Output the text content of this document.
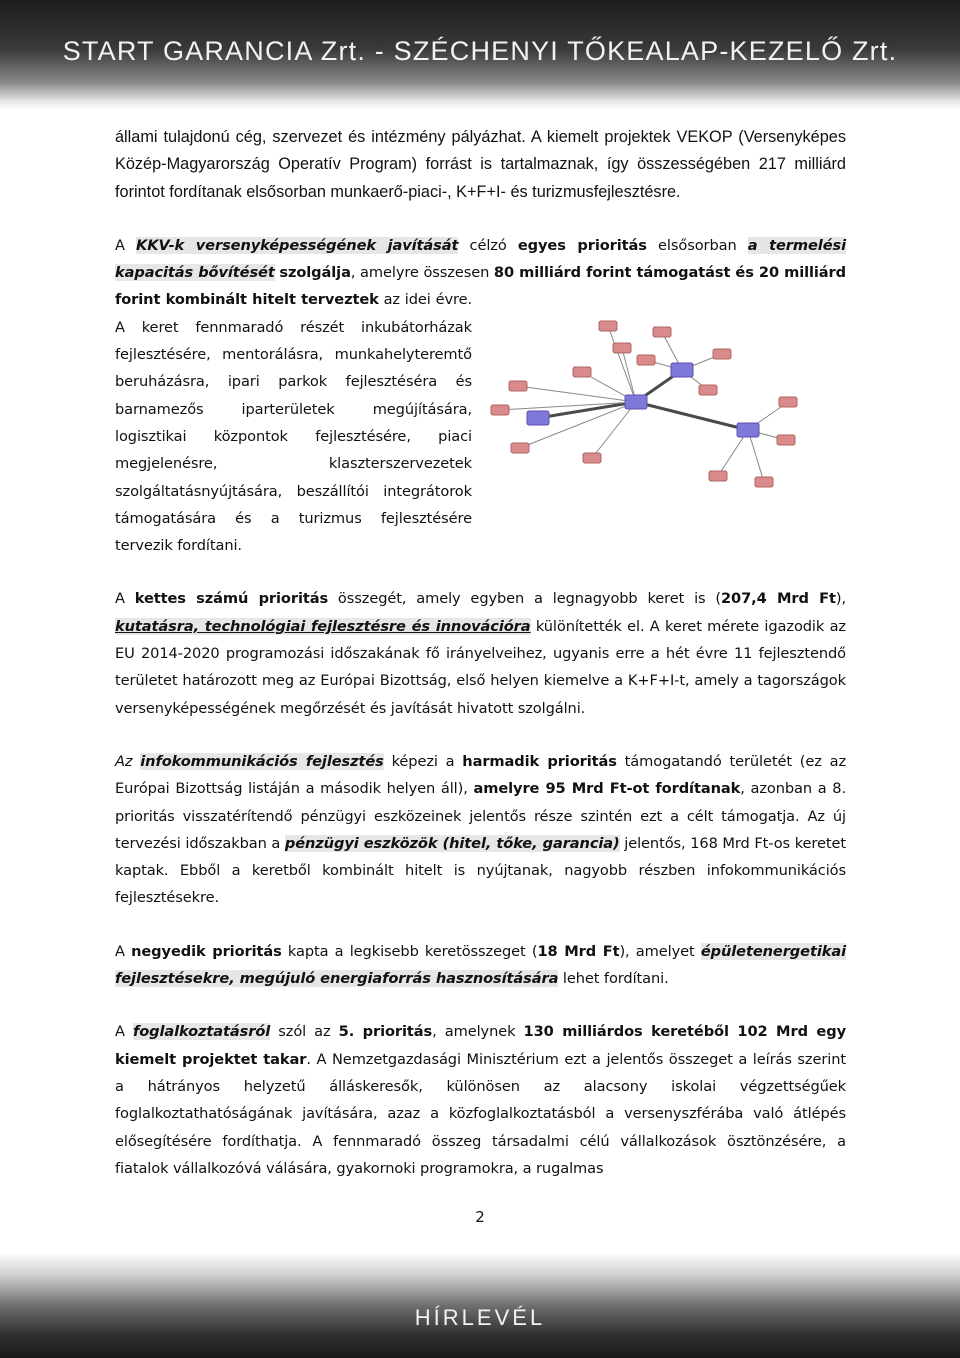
START GARANCIA Zrt. - SZÉCHENYI TŐKEALAP-KEZELŐ Zrt.

állami tulajdonú cég, szervezet és intézmény pályázhat. A kiemelt projektek VEKOP (Versenyképes Közép-Magyarország Operatív Program) forrást is tartalmaznak, így összességében 217 milliárd forintot fordítanak elsősorban munkaerő-piaci-, K+F+I- és turizmusfejlesztésre.

A KKV-k versenyképességének javítását célzó egyes prioritás elsősorban a termelési kapacitás bővítését szolgálja, amelyre összesen
80 milliárd forint támogatást és 20 milliárd forint kombinált hitelt terveztek az idei évre. A keret fennmaradó részét inkubátorházak fejlesztésére, mentorálásra, munkahelyteremtő beruházásra, ipari parkok fejlesztéséra és barnamezős iparterületek megújítására, logisztikai központok fejlesztésére, piaci megjelenésre, klaszterszervezetek szolgáltatásnyújtására, beszállítói integrátorok támogatására és a turizmus fejlesztésére tervezik fordítani.

A kettes számú prioritás összegét, amely egyben a legnagyobb keret is (207,4 Mrd Ft), kutatásra, technológiai fejlesztésre és innovációra különítették el. A keret mérete igazodik az EU 2014-2020 programozási időszakának fő irányelveihez, ugyanis erre a hét évre 11 fejlesztendő területet határozott meg az Európai Bizottság, első helyen kiemelve a K+F+I-t, amely a tagországok versenyképességének megőrzését és javítását hivatott szolgálni.

Az infokommunikációs fejlesztés képezi a harmadik prioritás támogatandó területét (ez az Európai Bizottság listáján a második helyen áll), amelyre 95 Mrd Ft-ot fordítanak, azonban a 8. prioritás visszatérítendő pénzügyi eszközeinek jelentős része szintén ezt a célt támogatja. Az új tervezési időszakban a pénzügyi eszközök (hitel, tőke, garancia) jelentős, 168 Mrd Ft-os keretet kaptak. Ebből a keretből kombinált hitelt is nyújtanak, nagyobb részben infokommunikációs fejlesztésekre.

A negyedik prioritás kapta a legkisebb keretösszeget (18 Mrd Ft), amelyet épületenergetikai fejlesztésekre, megújuló energiaforrás hasznosítására lehet fordítani.

A foglalkoztatásról szól az 5. prioritás, amelynek 130 milliárdos keretéből 102 Mrd egy kiemelt projektet takar. A Nemzetgazdasági Minisztérium ezt a jelentős összeget a leírás szerint a hátrányos helyzetű álláskeresők, különösen az alacsony iskolai végzettségűek foglalkoztathatóságának javítására, azaz a közfoglalkoztatásból a versenyszférába való átlépés elősegítésére fordíthatja. A fennmaradó összeg társadalmi célú vállalkozások ösztönzésére, a fiatalok vállalkozóvá válására, gyakornoki programokra, a rugalmas

2
HÍRLEVÉL
